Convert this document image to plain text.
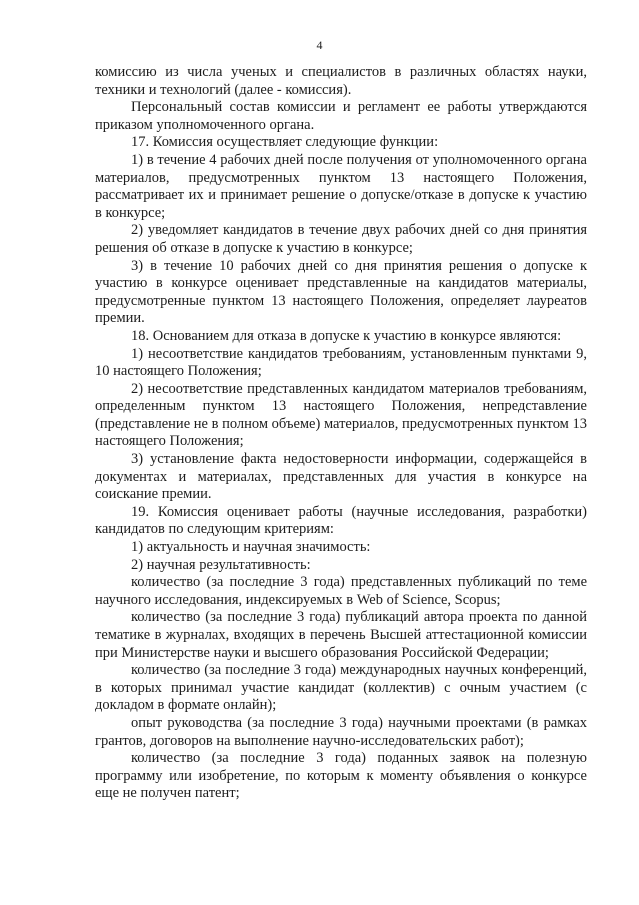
4

комиссию из числа ученых и специалистов в различных областях науки, техники и технологий (далее - комиссия).

Персональный состав комиссии и регламент ее работы утверждаются приказом уполномоченного органа.

17. Комиссия осуществляет следующие функции:

1) в течение 4 рабочих дней после получения от уполномоченного органа материалов, предусмотренных пунктом 13 настоящего Положения, рассматривает их и принимает решение о допуске/отказе в допуске к участию в конкурсе;

2) уведомляет кандидатов в течение двух рабочих дней со дня принятия решения об отказе в допуске к участию в конкурсе;

3) в течение 10 рабочих дней со дня принятия решения о допуске к участию в конкурсе оценивает представленные на кандидатов материалы, предусмотренные пунктом 13 настоящего Положения, определяет лауреатов премии.

18. Основанием для отказа в допуске к участию в конкурсе являются:

1) несоответствие кандидатов требованиям, установленным пунктами 9, 10 настоящего Положения;

2) несоответствие представленных кандидатом материалов требованиям, определенным пунктом 13 настоящего Положения, непредставление (представление не в полном объеме) материалов, предусмотренных пунктом 13 настоящего Положения;

3) установление факта недостоверности информации, содержащейся в документах и материалах, представленных для участия в конкурсе на соискание премии.

19. Комиссия оценивает работы (научные исследования, разработки) кандидатов по следующим критериям:

1) актуальность и научная значимость:

2) научная результативность:

количество (за последние 3 года) представленных публикаций по теме научного исследования, индексируемых в Web of Science, Scopus;

количество (за последние 3 года) публикаций автора проекта по данной тематике в журналах, входящих в перечень Высшей аттестационной комиссии при Министерстве науки и высшего образования Российской Федерации;

количество (за последние 3 года) международных научных конференций, в которых принимал участие кандидат (коллектив) с очным участием (с докладом в формате онлайн);

опыт руководства (за последние 3 года) научными проектами (в рамках грантов, договоров на выполнение научно-исследовательских работ);

количество (за последние 3 года) поданных заявок на полезную программу или изобретение, по которым к моменту объявления о конкурсе еще не получен патент;
